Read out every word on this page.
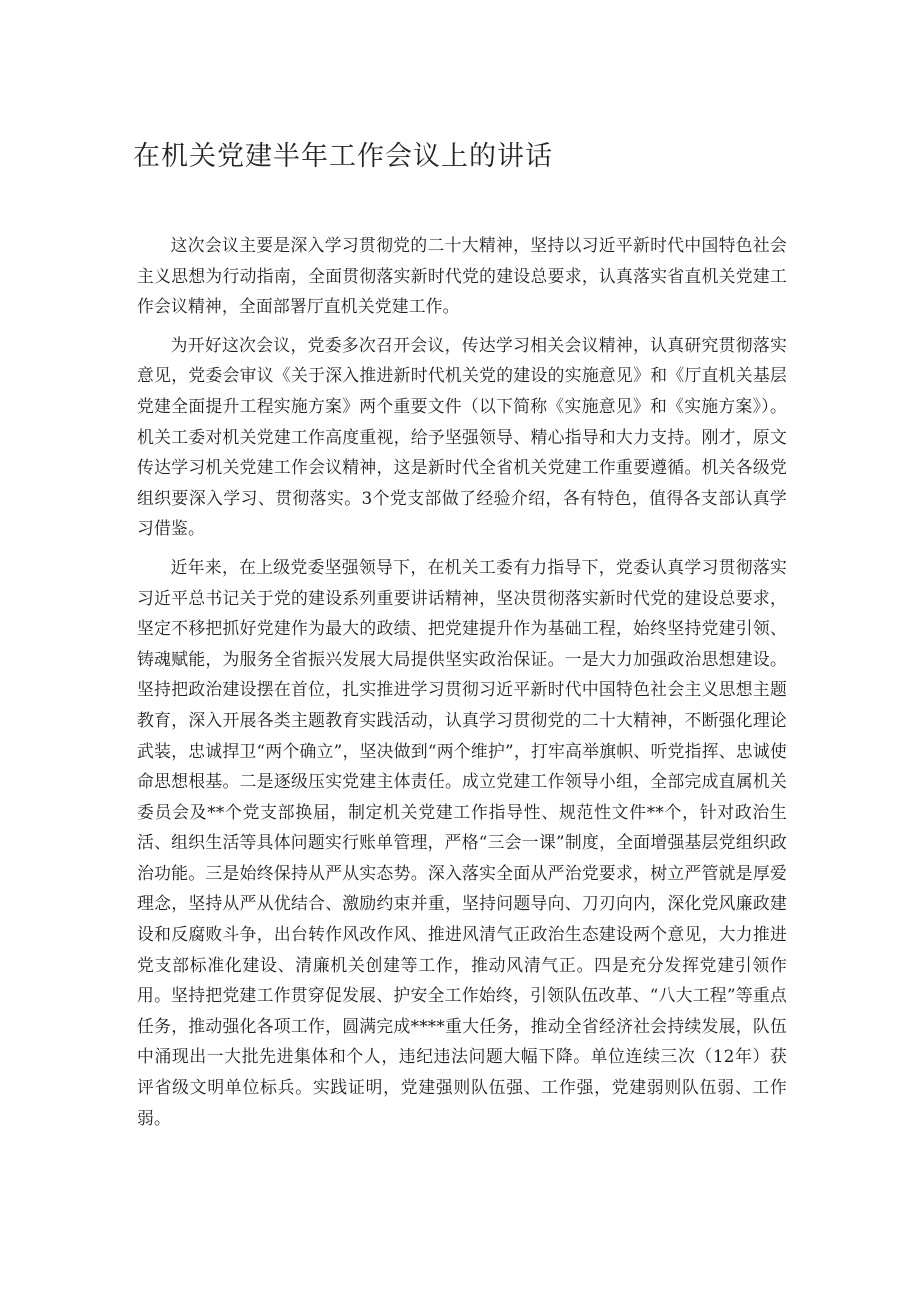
在机关党建半年工作会议上的讲话

这次会议主要是深入学习贯彻党的二十大精神，坚持以习近平新时代中国特色社会主义思想为行动指南，全面贯彻落实新时代党的建设总要求，认真落实省直机关党建工作会议精神，全面部署厅直机关党建工作。

为开好这次会议，党委多次召开会议，传达学习相关会议精神，认真研究贯彻落实意见，党委会审议《关于深入推进新时代机关党的建设的实施意见》和《厅直机关基层党建全面提升工程实施方案》两个重要文件（以下简称《实施意见》和《实施方案》）。机关工委对机关党建工作高度重视，给予坚强领导、精心指导和大力支持。刚才，原文传达学习机关党建工作会议精神，这是新时代全省机关党建工作重要遵循。机关各级党组织要深入学习、贯彻落实。3个党支部做了经验介绍，各有特色，值得各支部认真学习借鉴。

近年来，在上级党委坚强领导下，在机关工委有力指导下，党委认真学习贯彻落实习近平总书记关于党的建设系列重要讲话精神，坚决贯彻落实新时代党的建设总要求，坚定不移把抓好党建作为最大的政绩、把党建提升作为基础工程，始终坚持党建引领、铸魂赋能，为服务全省振兴发展大局提供坚实政治保证。一是大力加强政治思想建设。坚持把政治建设摆在首位，扎实推进学习贯彻习近平新时代中国特色社会主义思想主题教育，深入开展各类主题教育实践活动，认真学习贯彻党的二十大精神，不断强化理论武装，忠诚捍卫“两个确立”，坚决做到“两个维护”，打牢高举旗帜、听党指挥、忠诚使命思想根基。二是逐级压实党建主体责任。成立党建工作领导小组，全部完成直属机关委员会及**个党支部换届，制定机关党建工作指导性、规范性文件**个，针对政治生活、组织生活等具体问题实行账单管理，严格“三会一课”制度，全面增强基层党组织政治功能。三是始终保持从严从实态势。深入落实全面从严治党要求，树立严管就是厚爱理念，坚持从严从优结合、激励约束并重，坚持问题导向、刀刃向内，深化党风廉政建设和反腐败斗争，出台转作风改作风、推进风清气正政治生态建设两个意见，大力推进党支部标准化建设、清廉机关创建等工作，推动风清气正。四是充分发挥党建引领作用。坚持把党建工作贯穿促发展、护安全工作始终，引领队伍改革、“八大工程”等重点任务，推动强化各项工作，圆满完成****重大任务，推动全省经济社会持续发展，队伍中涌现出一大批先进集体和个人，违纪违法问题大幅下降。单位连续三次（12年）获评省级文明单位标兵。实践证明，党建强则队伍强、工作强，党建弱则队伍弱、工作弱。
